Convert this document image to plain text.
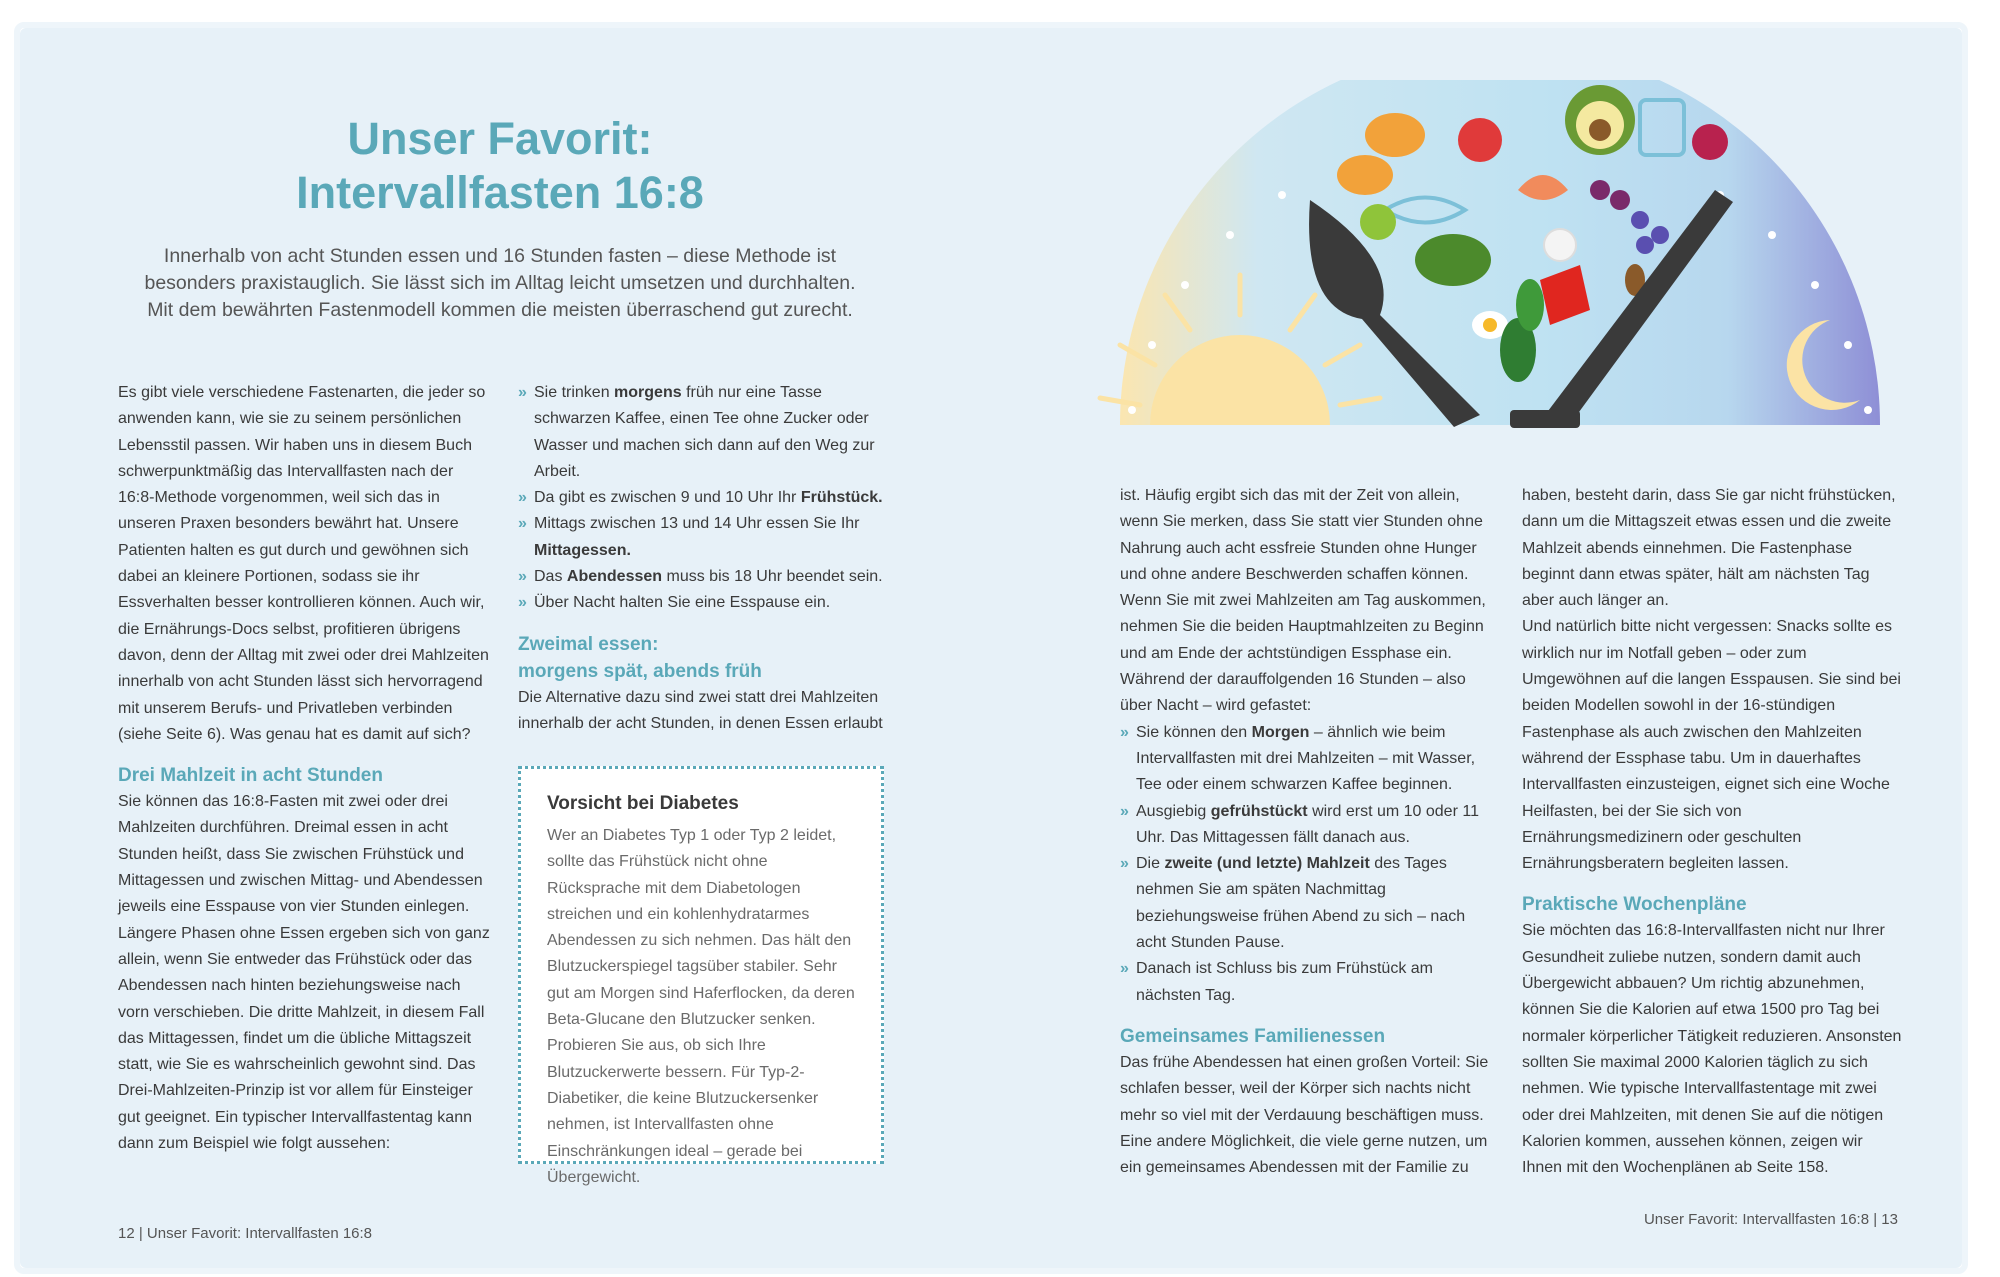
Unser Favorit:
Intervallfasten 16:8

Innerhalb von acht Stunden essen und 16 Stunden fasten – diese Methode ist besonders praxistauglich. Sie lässt sich im Alltag leicht umsetzen und durchhalten. Mit dem bewährten Fastenmodell kommen die meisten überraschend gut zurecht.

Es gibt viele verschiedene Fastenarten, die jeder so anwenden kann, wie sie zu seinem persönlichen Lebensstil passen. Wir haben uns in diesem Buch schwerpunktmäßig das Intervallfasten nach der 16:8-Methode vorgenommen, weil sich das in unseren Praxen besonders bewährt hat. Unsere Patienten halten es gut durch und gewöhnen sich dabei an kleinere Portionen, sodass sie ihr Essverhalten besser kontrollieren können. Auch wir, die Ernährungs-Docs selbst, profitieren übrigens davon, denn der Alltag mit zwei oder drei Mahlzeiten innerhalb von acht Stunden lässt sich hervorragend mit unserem Berufs- und Privatleben verbinden (siehe Seite 6). Was genau hat es damit auf sich?

Drei Mahlzeit in acht Stunden

Sie können das 16:8-Fasten mit zwei oder drei Mahlzeiten durchführen. Dreimal essen in acht Stunden heißt, dass Sie zwischen Frühstück und Mittagessen und zwischen Mittag- und Abendessen jeweils eine Esspause von vier Stunden einlegen. Längere Phasen ohne Essen ergeben sich von ganz allein, wenn Sie entweder das Frühstück oder das Abendessen nach hinten beziehungsweise nach vorn verschieben. Die dritte Mahlzeit, in diesem Fall das Mittagessen, findet um die übliche Mittagszeit statt, wie Sie es wahrscheinlich gewohnt sind. Das Drei-Mahlzeiten-Prinzip ist vor allem für Einsteiger gut geeignet. Ein typischer Intervallfastentag kann dann zum Beispiel wie folgt aussehen:

» Sie trinken morgens früh nur eine Tasse schwarzen Kaffee, einen Tee ohne Zucker oder Wasser und machen sich dann auf den Weg zur Arbeit.
» Da gibt es zwischen 9 und 10 Uhr Ihr Frühstück.
» Mittags zwischen 13 und 14 Uhr essen Sie Ihr Mittagessen.
» Das Abendessen muss bis 18 Uhr beendet sein.
» Über Nacht halten Sie eine Esspause ein.
Zweimal essen:
morgens spät, abends früh

Die Alternative dazu sind zwei statt drei Mahlzeiten innerhalb der acht Stunden, in denen Essen erlaubt

Vorsicht bei Diabetes

Wer an Diabetes Typ 1 oder Typ 2 leidet, sollte das Frühstück nicht ohne Rücksprache mit dem Diabetologen streichen und ein kohlenhydratarmes Abendessen zu sich nehmen. Das hält den Blutzuckerspiegel tagsüber stabiler. Sehr gut am Morgen sind Haferflocken, da deren Beta-Glucane den Blutzucker senken. Probieren Sie aus, ob sich Ihre Blutzuckerwerte bessern. Für Typ-2-Diabetiker, die keine Blutzuckersenker nehmen, ist Intervallfasten ohne Einschränkungen ideal – gerade bei Übergewicht.

12 | Unser Favorit: Intervallfasten 16:8

ist. Häufig ergibt sich das mit der Zeit von allein, wenn Sie merken, dass Sie statt vier Stunden ohne Nahrung auch acht essfreie Stunden ohne Hunger und ohne andere Beschwerden schaffen können. Wenn Sie mit zwei Mahlzeiten am Tag auskommen, nehmen Sie die beiden Hauptmahlzeiten zu Beginn und am Ende der achtstündigen Essphase ein. Während der darauffolgenden 16 Stunden – also über Nacht – wird gefastet:

» Sie können den Morgen – ähnlich wie beim Intervallfasten mit drei Mahlzeiten – mit Wasser, Tee oder einem schwarzen Kaffee beginnen.
» Ausgiebig gefrühstückt wird erst um 10 oder 11 Uhr. Das Mittagessen fällt danach aus.
» Die zweite (und letzte) Mahlzeit des Tages nehmen Sie am späten Nachmittag beziehungsweise frühen Abend zu sich – nach acht Stunden Pause.
» Danach ist Schluss bis zum Frühstück am nächsten Tag.
Gemeinsames Familienessen

Das frühe Abendessen hat einen großen Vorteil: Sie schlafen besser, weil der Körper sich nachts nicht mehr so viel mit der Verdauung beschäftigen muss. Eine andere Möglichkeit, die viele gerne nutzen, um ein gemeinsames Abendessen mit der Familie zu

haben, besteht darin, dass Sie gar nicht frühstücken, dann um die Mittagszeit etwas essen und die zweite Mahlzeit abends einnehmen. Die Fastenphase beginnt dann etwas später, hält am nächsten Tag aber auch länger an.

Und natürlich bitte nicht vergessen: Snacks sollte es wirklich nur im Notfall geben – oder zum Umgewöhnen auf die langen Esspausen. Sie sind bei beiden Modellen sowohl in der 16-stündigen Fastenphase als auch zwischen den Mahlzeiten während der Essphase tabu. Um in dauerhaftes Intervallfasten einzusteigen, eignet sich eine Woche Heilfasten, bei der Sie sich von Ernährungsmedizinern oder geschulten Ernährungsberatern begleiten lassen.

Praktische Wochenpläne

Sie möchten das 16:8-Intervallfasten nicht nur Ihrer Gesundheit zuliebe nutzen, sondern damit auch Übergewicht abbauen? Um richtig abzunehmen, können Sie die Kalorien auf etwa 1500 pro Tag bei normaler körperlicher Tätigkeit reduzieren. Ansonsten sollten Sie maximal 2000 Kalorien täglich zu sich nehmen. Wie typische Intervallfastentage mit zwei oder drei Mahlzeiten, mit denen Sie auf die nötigen Kalorien kommen, aussehen können, zeigen wir Ihnen mit den Wochenplänen ab Seite 158.

Unser Favorit: Intervallfasten 16:8 | 13
